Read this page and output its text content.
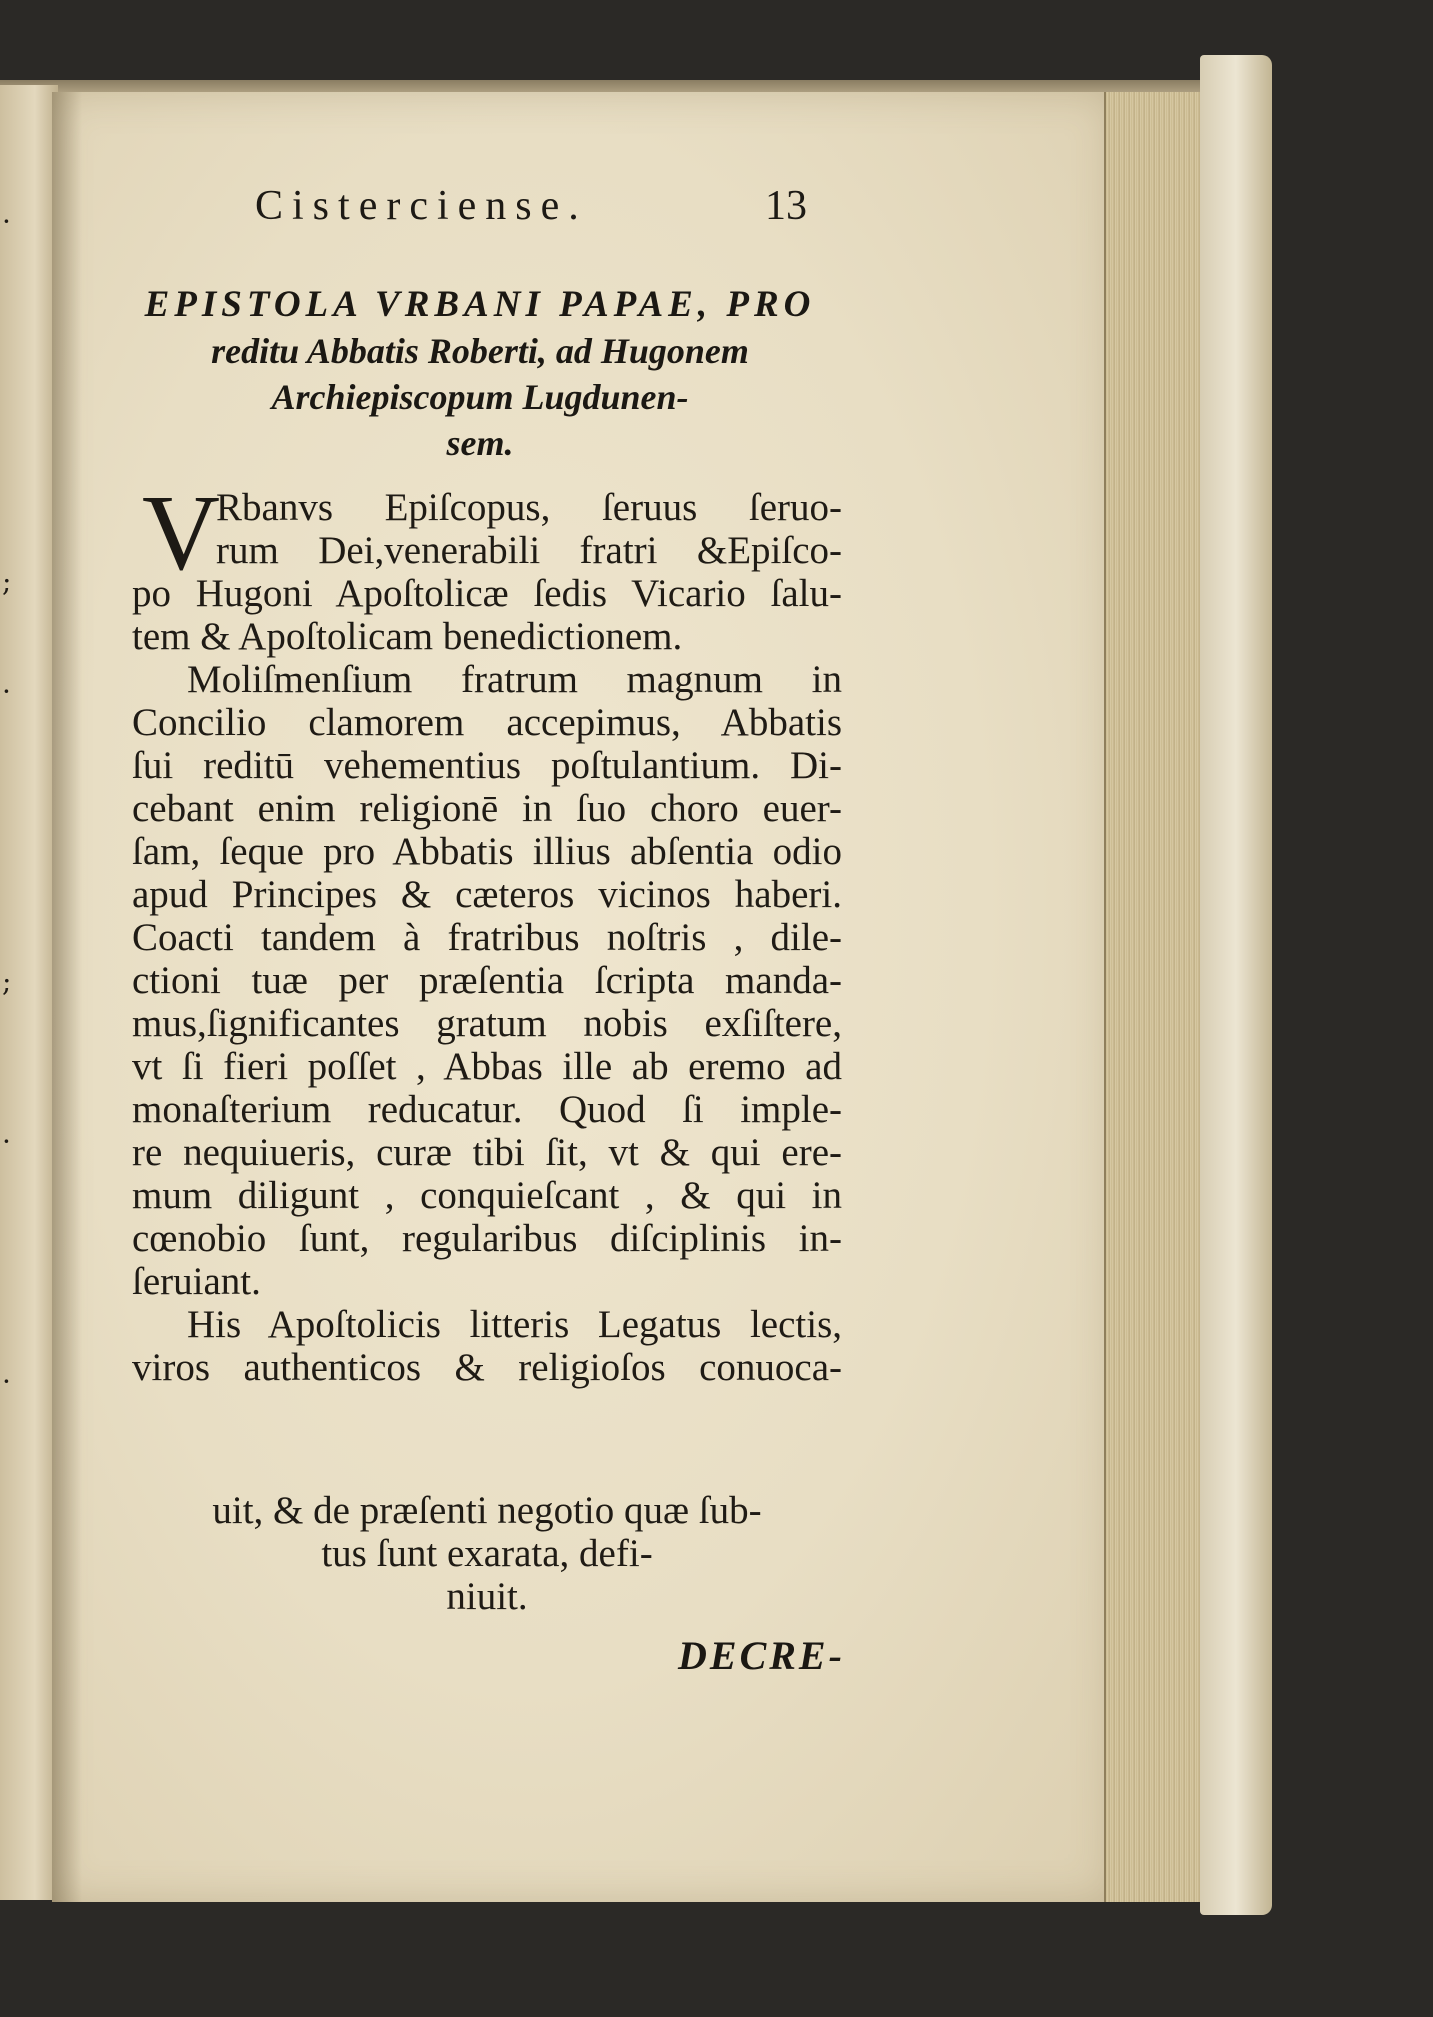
·
;
·
;
·
·
Cisterciense.	13
EPISTOLA VRBANI PAPAE, PRO
reditu Abbatis Roberti, ad Hugonem
Archiepiscopum Lugdunen-
sem.
V
Rbanvs Epiſcopus, ſeruus ſeruo-
rum Dei,venerabili fratri &Epiſco-
po Hugoni Apoſtolicæ ſedis Vicario ſalu-
tem & Apoſtolicam benedictionem.
Moliſmenſium fratrum magnum in
Concilio clamorem accepimus, Abbatis
ſui reditū vehementius poſtulantium. Di-
cebant enim religionē in ſuo choro euer-
ſam, ſeque pro Abbatis illius abſentia odio
apud Principes & cæteros vicinos haberi.
Coacti tandem à fratribus noſtris , dile-
ctioni tuæ per præſentia ſcripta manda-
mus,ſignificantes gratum nobis exſiſtere,
vt ſi fieri poſſet , Abbas ille ab eremo ad
monaſterium reducatur. Quod ſi imple-
re nequiueris, curæ tibi ſit, vt & qui ere-
mum diligunt , conquieſcant , & qui in
cœnobio ſunt, regularibus diſciplinis in-
ſeruiant.
His Apoſtolicis litteris Legatus lectis,
viros authenticos & religioſos conuoca-
uit, & de præſenti negotio quæ ſub-
tus ſunt exarata, defi-
niuit.
DECRE-
